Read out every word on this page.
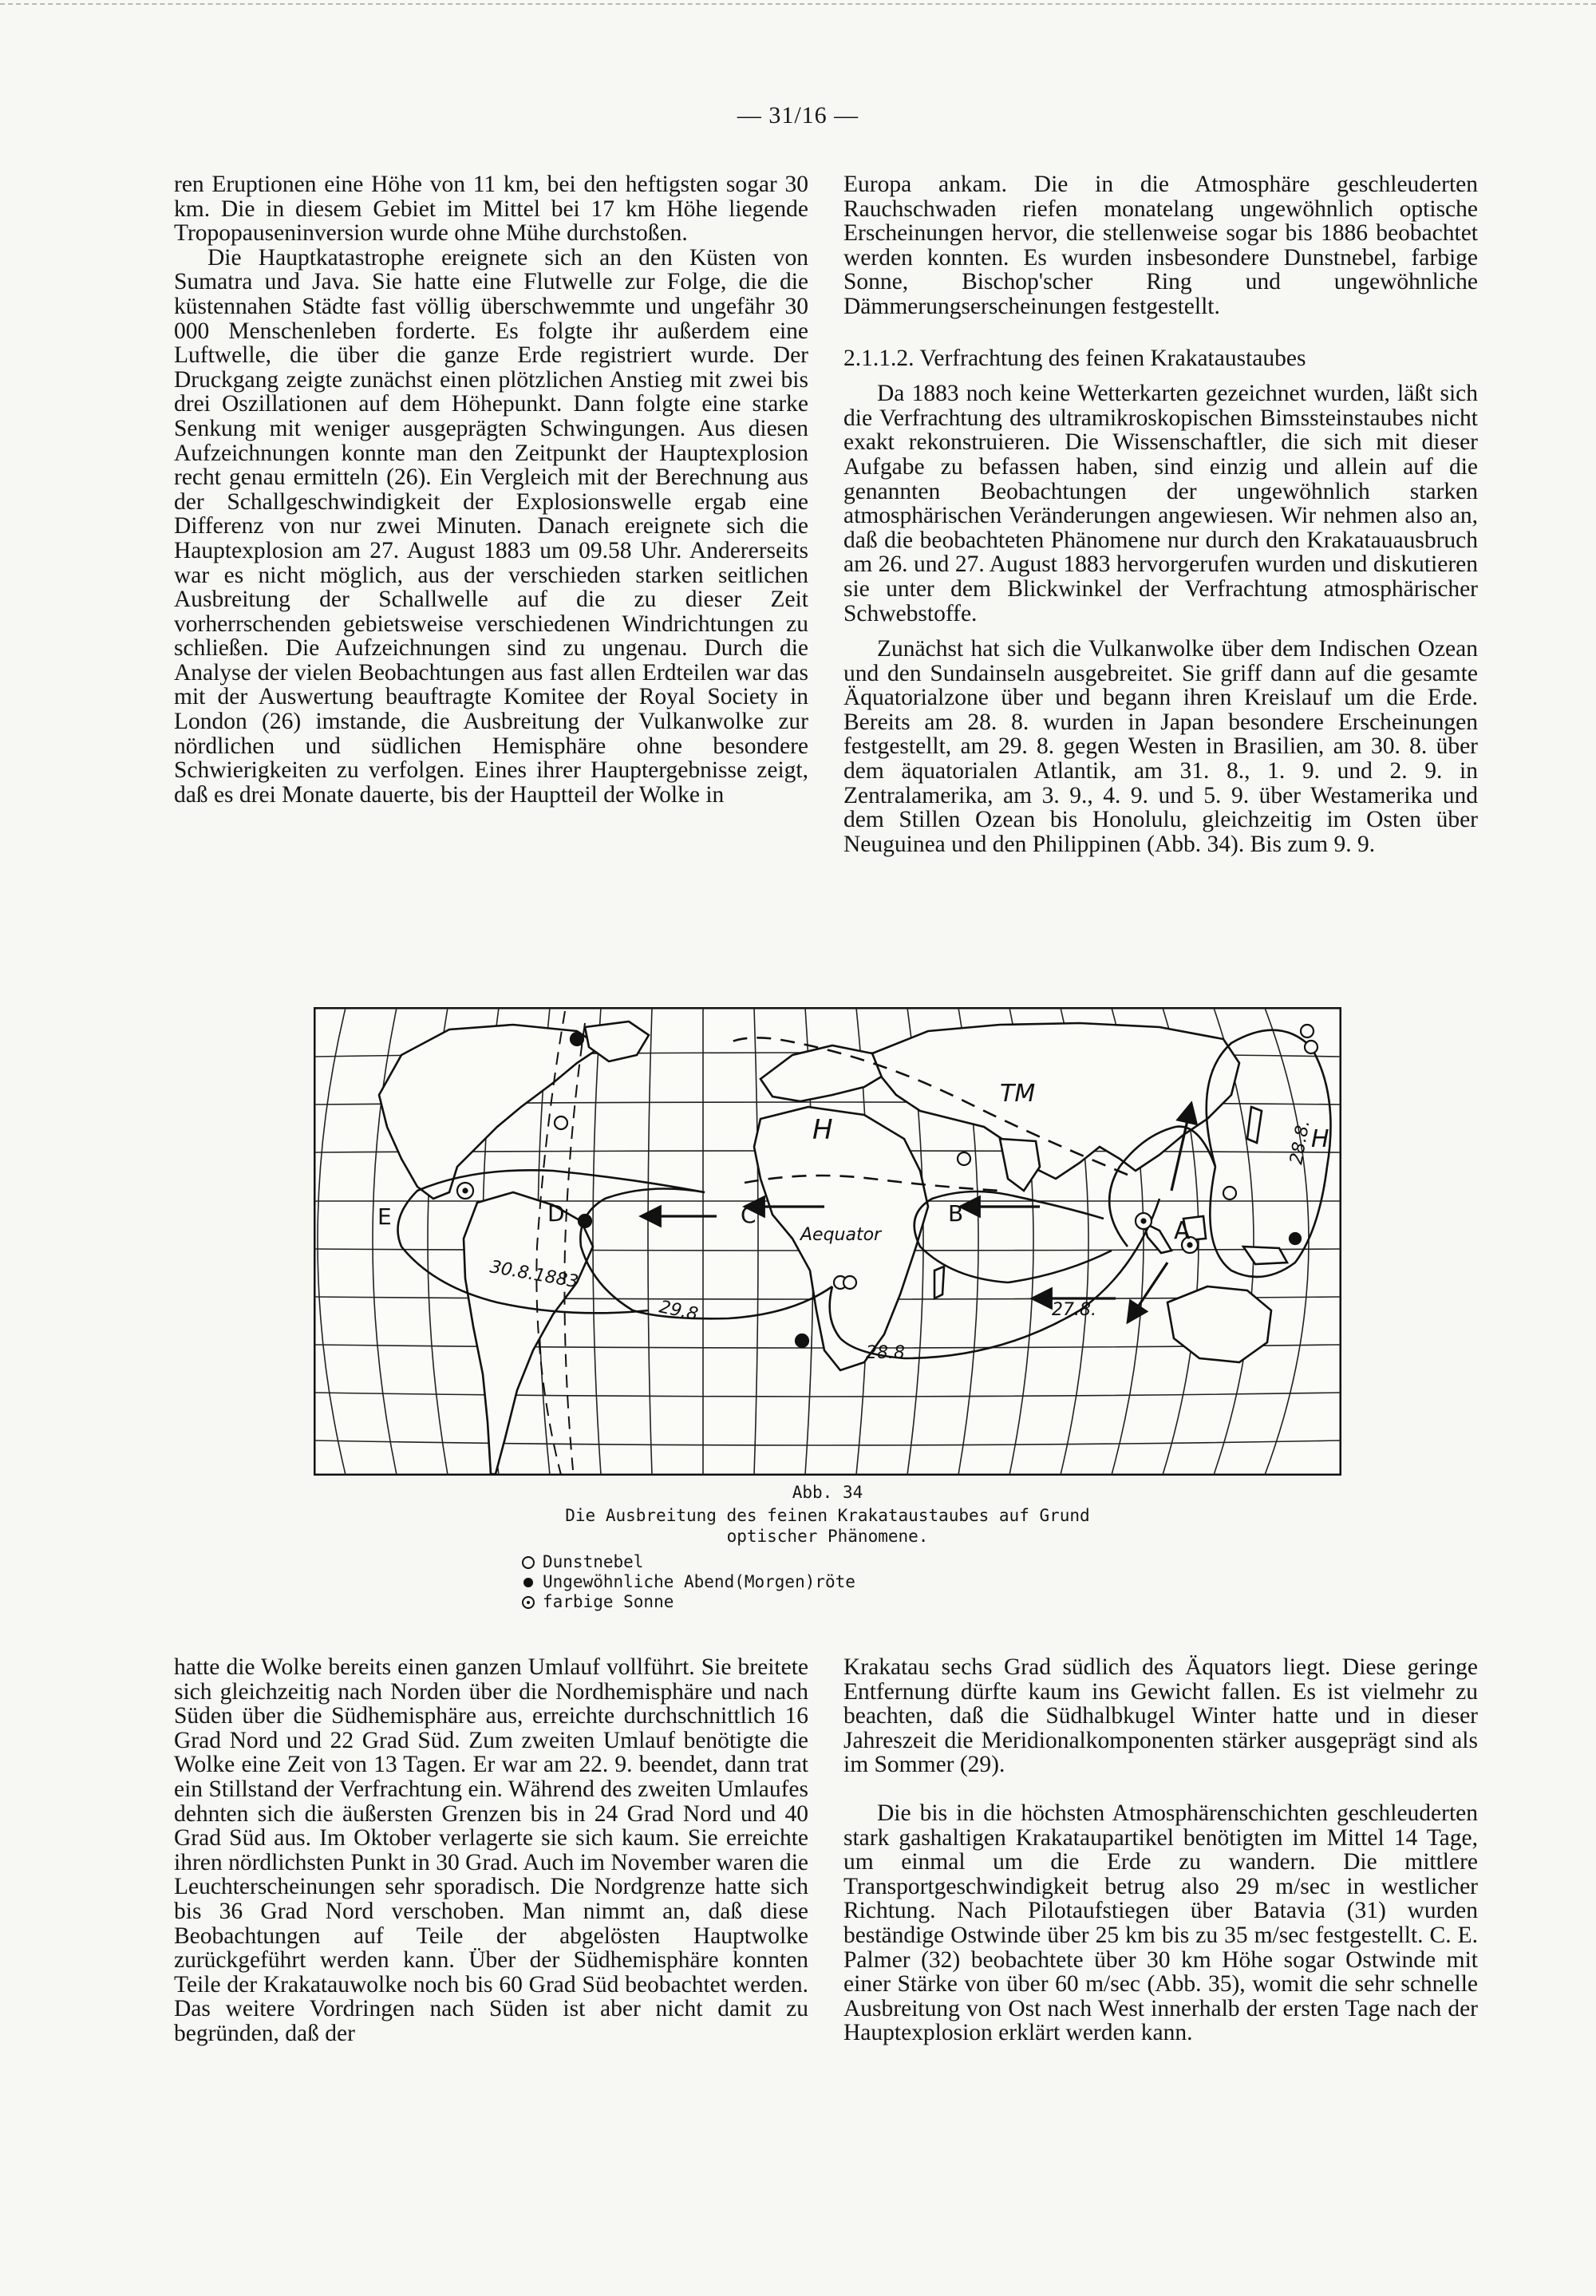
— 31/16 —

ren Eruptionen eine Höhe von 11 km, bei den heftigsten sogar 30 km. Die in diesem Gebiet im Mittel bei 17 km Höhe liegende Tropopauseninversion wurde ohne Mühe durchstoßen.

Die Hauptkatastrophe ereignete sich an den Küsten von Sumatra und Java. Sie hatte eine Flutwelle zur Folge, die die küstennahen Städte fast völlig überschwemmte und ungefähr 30 000 Menschenleben forderte. Es folgte ihr außerdem eine Luftwelle, die über die ganze Erde registriert wurde. Der Druckgang zeigte zunächst einen plötzlichen Anstieg mit zwei bis drei Oszillationen auf dem Höhepunkt. Dann folgte eine starke Senkung mit weniger ausgeprägten Schwingungen. Aus diesen Aufzeichnungen konnte man den Zeitpunkt der Hauptexplosion recht genau ermitteln (26). Ein Vergleich mit der Berechnung aus der Schallgeschwindigkeit der Explosionswelle ergab eine Differenz von nur zwei Minuten. Danach ereignete sich die Hauptexplosion am 27. August 1883 um 09.58 Uhr. Andererseits war es nicht möglich, aus der verschieden starken seitlichen Ausbreitung der Schallwelle auf die zu dieser Zeit vorherrschenden gebietsweise verschiedenen Windrichtungen zu schließen. Die Aufzeichnungen sind zu ungenau. Durch die Analyse der vielen Beobachtungen aus fast allen Erdteilen war das mit der Auswertung beauftragte Komitee der Royal Society in London (26) imstande, die Ausbreitung der Vulkanwolke zur nördlichen und südlichen Hemisphäre ohne besondere Schwierigkeiten zu verfolgen. Eines ihrer Hauptergebnisse zeigt, daß es drei Monate dauerte, bis der Hauptteil der Wolke in

Europa ankam. Die in die Atmosphäre geschleuderten Rauchschwaden riefen monatelang ungewöhnlich optische Erscheinungen hervor, die stellenweise sogar bis 1886 beobachtet werden konnten. Es wurden insbesondere Dunstnebel, farbige Sonne, Bischop'scher Ring und ungewöhnliche Dämmerungserscheinungen festgestellt.

2.1.1.2. Verfrachtung des feinen Krakataustaubes

Da 1883 noch keine Wetterkarten gezeichnet wurden, läßt sich die Verfrachtung des ultramikroskopischen Bimssteinstaubes nicht exakt rekonstruieren. Die Wissenschaftler, die sich mit dieser Aufgabe zu befassen haben, sind einzig und allein auf die genannten Beobachtungen der ungewöhnlich starken atmosphärischen Veränderungen angewiesen. Wir nehmen also an, daß die beobachteten Phänomene nur durch den Krakatauausbruch am 26. und 27. August 1883 hervorgerufen wurden und diskutieren sie unter dem Blickwinkel der Verfrachtung atmosphärischer Schwebstoffe.

Zunächst hat sich die Vulkanwolke über dem Indischen Ozean und den Sundainseln ausgebreitet. Sie griff dann auf die gesamte Äquatorialzone über und begann ihren Kreislauf um die Erde. Bereits am 28. 8. wurden in Japan besondere Erscheinungen festgestellt, am 29. 8. gegen Westen in Brasilien, am 30. 8. über dem äquatorialen Atlantik, am 31. 8., 1. 9. und 2. 9. in Zentralamerika, am 3. 9., 4. 9. und 5. 9. über Westamerika und dem Stillen Ozean bis Honolulu, gleichzeitig im Osten über Neuguinea und den Philippinen (Abb. 34). Bis zum 9. 9.

H	H
TM
Aequator	A
B
C
D
E
30.8.1883
29.8
28.8
27.8.
28.8.
Abb. 34
Die Ausbreitung des feinen Krakataustaubes auf Grund
optischer Phänomene.
Dunstnebel
Ungewöhnliche Abend(Morgen)röte
farbige Sonne

hatte die Wolke bereits einen ganzen Umlauf vollführt. Sie breitete sich gleichzeitig nach Norden über die Nordhemisphäre und nach Süden über die Südhemisphäre aus, erreichte durchschnittlich 16 Grad Nord und 22 Grad Süd. Zum zweiten Umlauf benötigte die Wolke eine Zeit von 13 Tagen. Er war am 22. 9. beendet, dann trat ein Stillstand der Verfrachtung ein. Während des zweiten Umlaufes dehnten sich die äußersten Grenzen bis in 24 Grad Nord und 40 Grad Süd aus. Im Oktober verlagerte sie sich kaum. Sie erreichte ihren nördlichsten Punkt in 30 Grad. Auch im November waren die Leuchterscheinungen sehr sporadisch. Die Nordgrenze hatte sich bis 36 Grad Nord verschoben. Man nimmt an, daß diese Beobachtungen auf Teile der abgelösten Hauptwolke zurückgeführt werden kann. Über der Südhemisphäre konnten Teile der Krakatauwolke noch bis 60 Grad Süd beobachtet werden. Das weitere Vordringen nach Süden ist aber nicht damit zu begründen, daß der

Krakatau sechs Grad südlich des Äquators liegt. Diese geringe Entfernung dürfte kaum ins Gewicht fallen. Es ist vielmehr zu beachten, daß die Südhalbkugel Winter hatte und in dieser Jahreszeit die Meridionalkomponenten stärker ausgeprägt sind als im Sommer (29).

Die bis in die höchsten Atmosphärenschichten geschleuderten stark gashaltigen Krakataupartikel benötigten im Mittel 14 Tage, um einmal um die Erde zu wandern. Die mittlere Transportgeschwindigkeit betrug also 29 m/sec in westlicher Richtung. Nach Pilotaufstiegen über Batavia (31) wurden beständige Ostwinde über 25 km bis zu 35 m/sec festgestellt. C. E. Palmer (32) beobachtete über 30 km Höhe sogar Ostwinde mit einer Stärke von über 60 m/sec (Abb. 35), womit die sehr schnelle Ausbreitung von Ost nach West innerhalb der ersten Tage nach der Hauptexplosion erklärt werden kann.
